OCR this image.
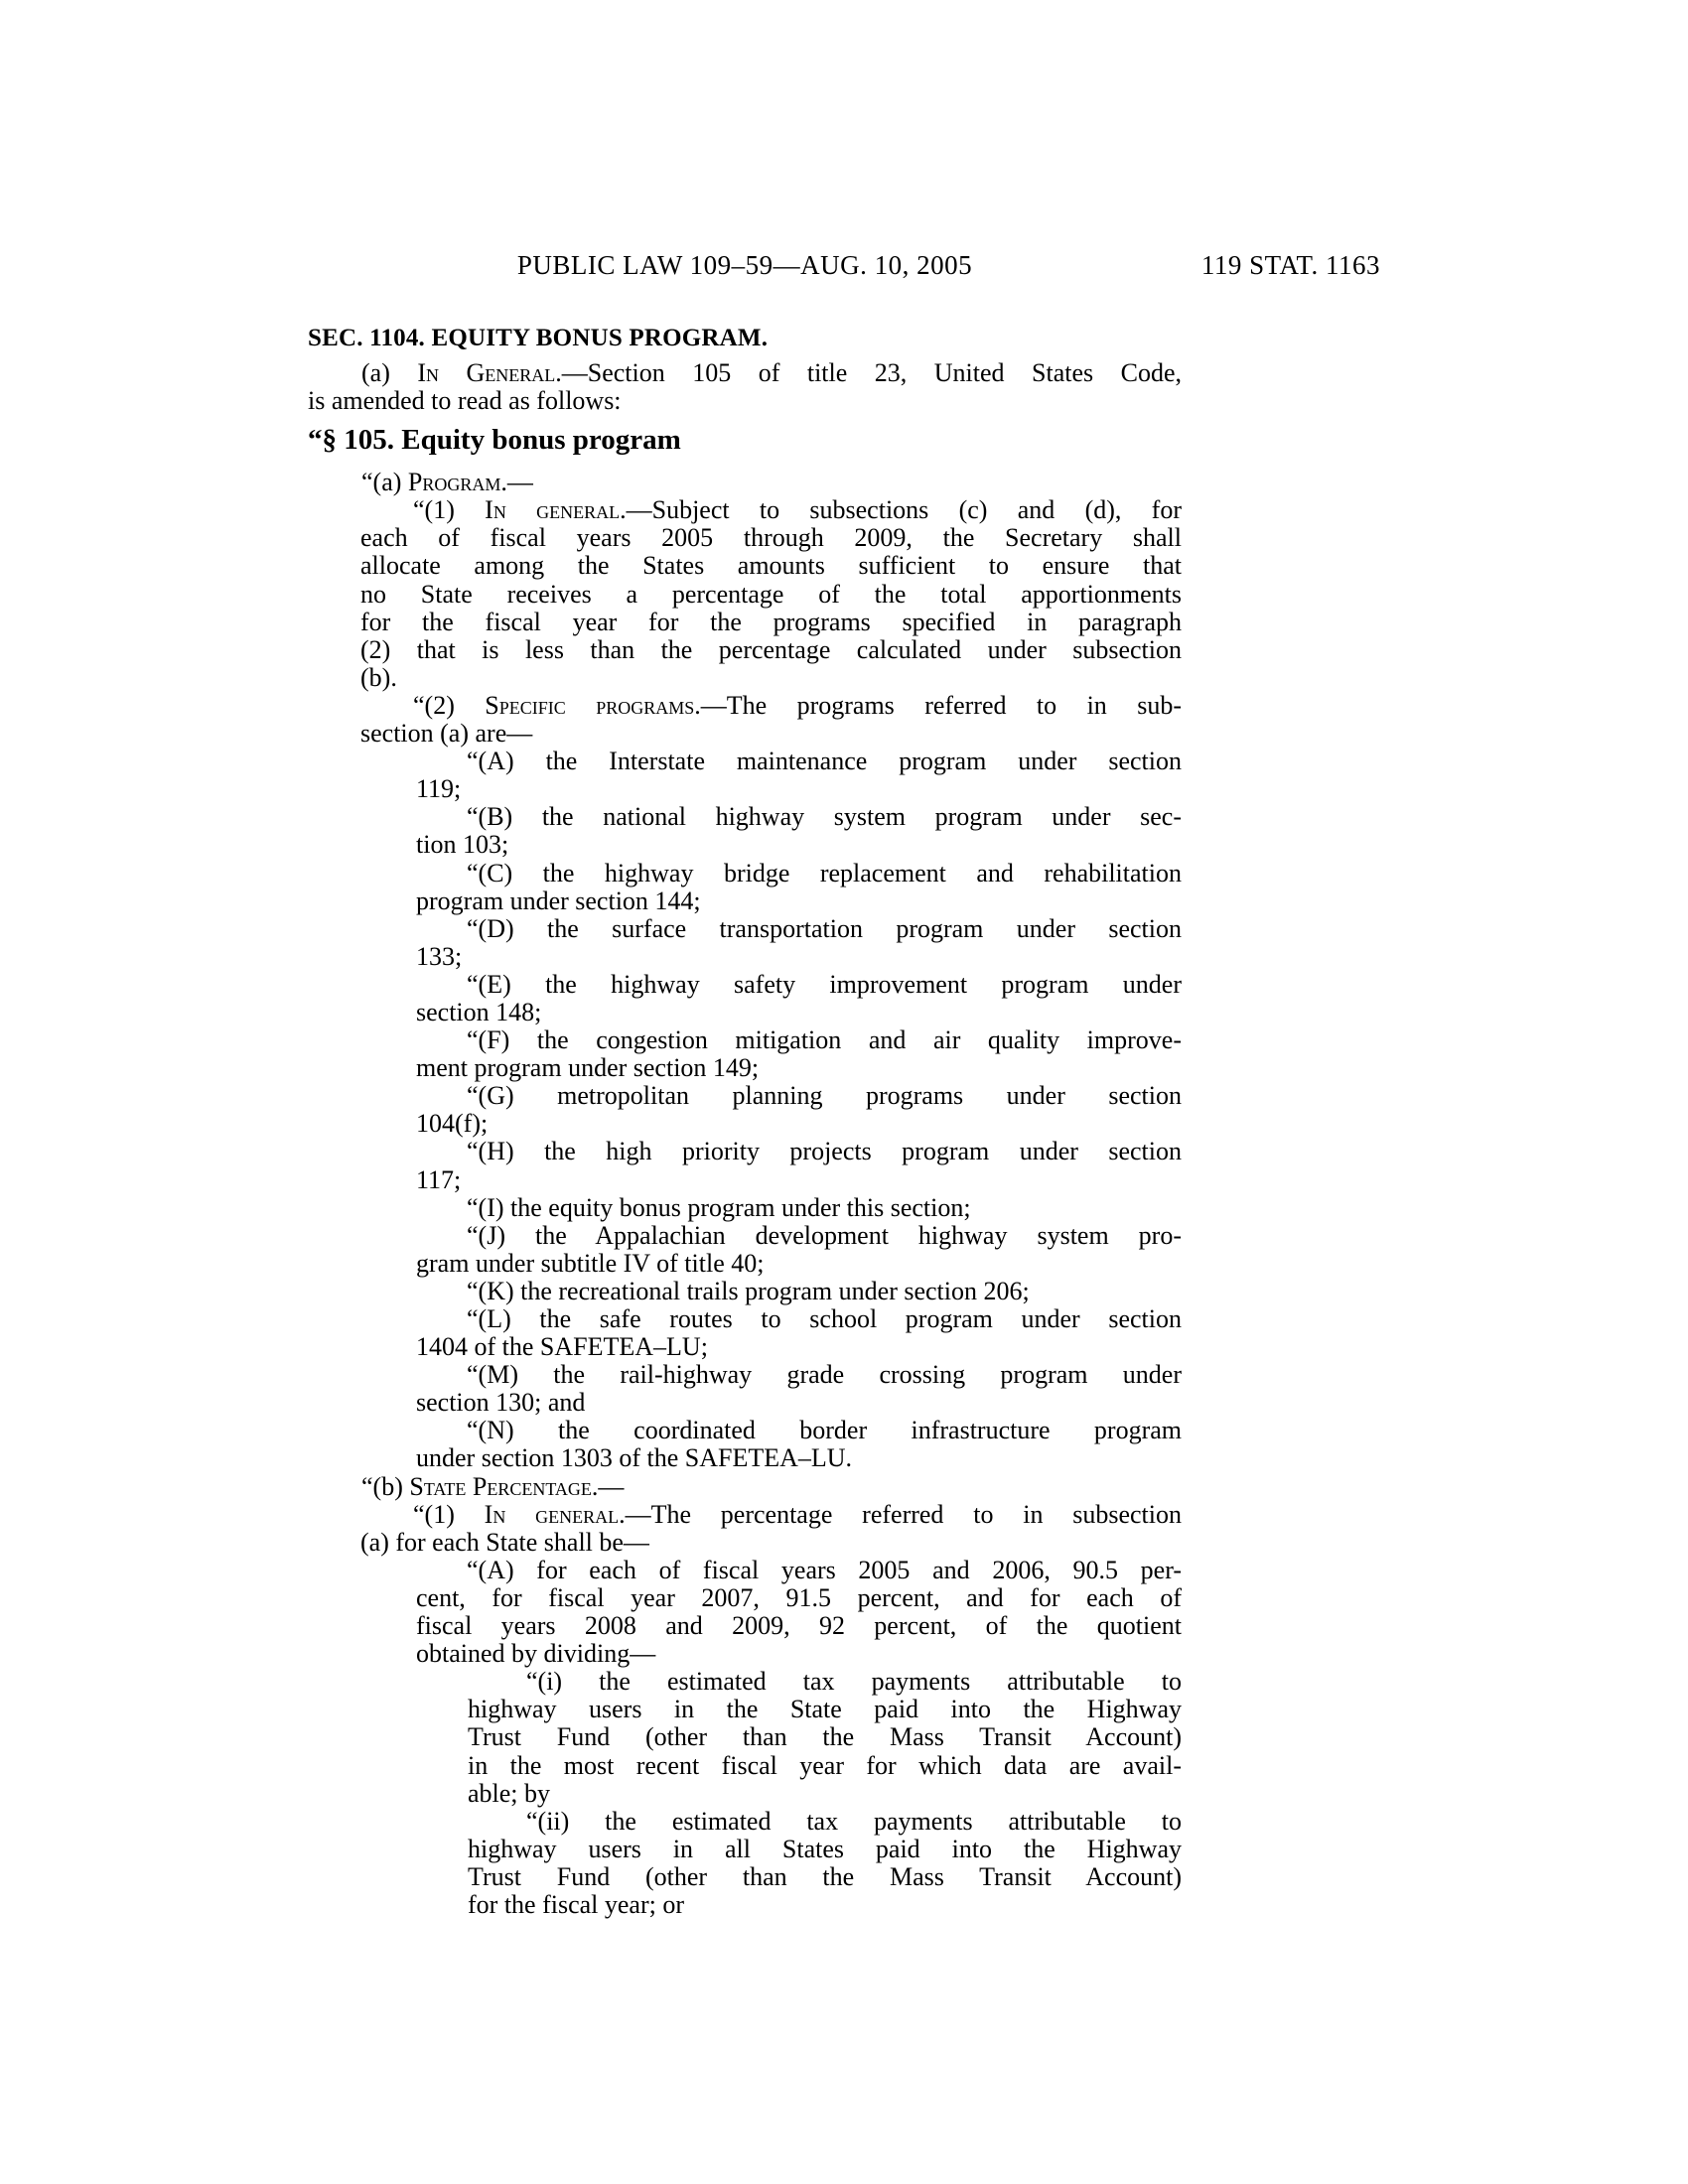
PUBLIC LAW 109–59—AUG. 10, 2005	119 STAT. 1163
SEC. 1104. EQUITY BONUS PROGRAM.
(a) In General.—Section 105 of title 23, United States Code,
is amended to read as follows:
“§ 105. Equity bonus program
“(a) Program.—
“(1) In general.—Subject to subsections (c) and (d), for
each of fiscal years 2005 through 2009, the Secretary shall
allocate among the States amounts sufficient to ensure that
no State receives a percentage of the total apportionments
for the fiscal year for the programs specified in paragraph
(2) that is less than the percentage calculated under subsection
(b).
“(2) Specific programs.—The programs referred to in sub-
section (a) are—
“(A) the Interstate maintenance program under section
119;
“(B) the national highway system program under sec-
tion 103;
“(C) the highway bridge replacement and rehabilitation
program under section 144;
“(D) the surface transportation program under section
133;
“(E) the highway safety improvement program under
section 148;
“(F) the congestion mitigation and air quality improve-
ment program under section 149;
“(G) metropolitan planning programs under section
104(f);
“(H) the high priority projects program under section
117;
“(I) the equity bonus program under this section;
“(J) the Appalachian development highway system pro-
gram under subtitle IV of title 40;
“(K) the recreational trails program under section 206;
“(L) the safe routes to school program under section
1404 of the SAFETEA–LU;
“(M) the rail-highway grade crossing program under
section 130; and
“(N) the coordinated border infrastructure program
under section 1303 of the SAFETEA–LU.
“(b) State Percentage.—
“(1) In general.—The percentage referred to in subsection
(a) for each State shall be—
“(A) for each of fiscal years 2005 and 2006, 90.5 per-
cent, for fiscal year 2007, 91.5 percent, and for each of
fiscal years 2008 and 2009, 92 percent, of the quotient
obtained by dividing—
“(i) the estimated tax payments attributable to
highway users in the State paid into the Highway
Trust Fund (other than the Mass Transit Account)
in the most recent fiscal year for which data are avail-
able; by
“(ii) the estimated tax payments attributable to
highway users in all States paid into the Highway
Trust Fund (other than the Mass Transit Account)
for the fiscal year; or
